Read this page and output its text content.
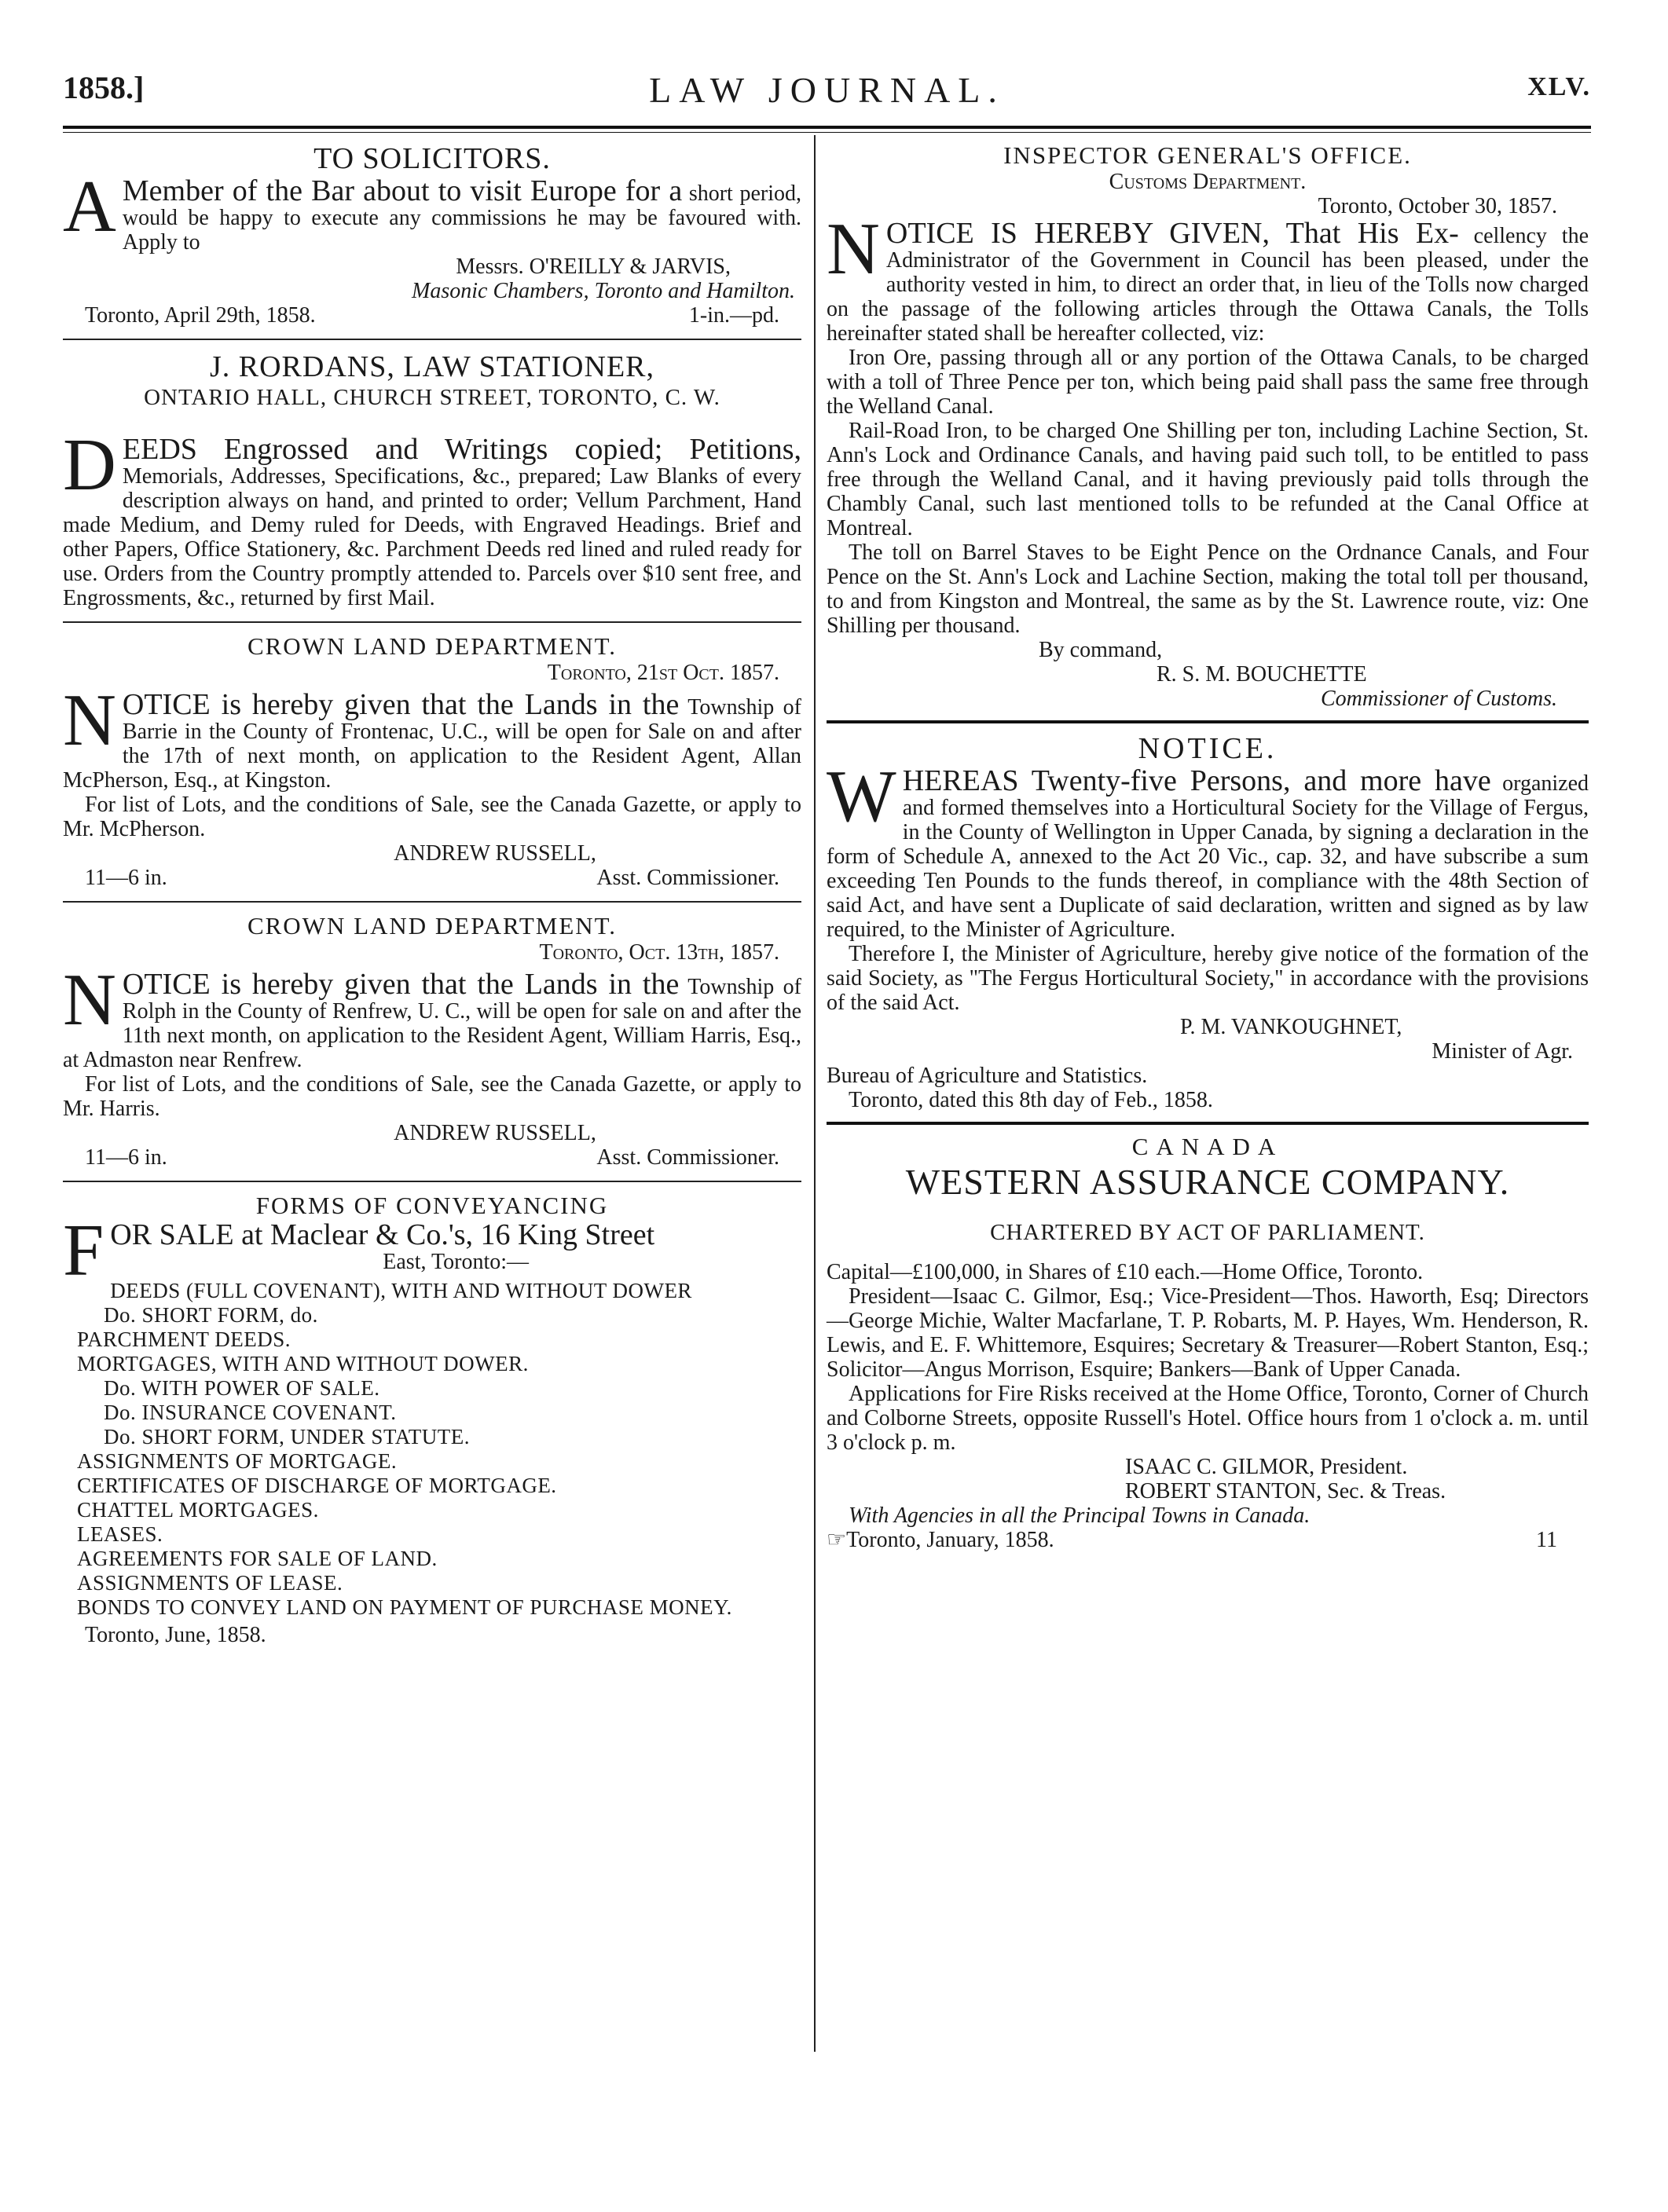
1858.]	LAW JOURNAL.	XLV.
TO SOLICITORS.

A Member of the Bar about to visit Europe for a short period, would be happy to execute any commissions he may be favoured with. Apply to

Messrs. O'REILLY & JARVIS,
Masonic Chambers, Toronto and Hamilton.
Toronto, April 29th, 1858.	1-in.—pd.
J. RORDANS, LAW STATIONER,
ONTARIO HALL, CHURCH STREET, TORONTO, C. W.

DEEDS Engrossed and Writings copied; Petitions, Memorials, Addresses, Specifications, &c., prepared; Law Blanks of every description always on hand, and printed to order; Vellum Parchment, Hand made Medium, and Demy ruled for Deeds, with Engraved Headings. Brief and other Papers, Office Stationery, &c. Parchment Deeds red lined and ruled ready for use. Orders from the Country promptly attended to. Parcels over $10 sent free, and Engrossments, &c., returned by first Mail.

CROWN LAND DEPARTMENT.
Toronto, 21st Oct. 1857.

NOTICE is hereby given that the Lands in the Township of Barrie in the County of Frontenac, U.C., will be open for Sale on and after the 17th of next month, on application to the Resident Agent, Allan McPherson, Esq., at Kingston.

For list of Lots, and the conditions of Sale, see the Canada Gazette, or apply to Mr. McPherson.

ANDREW RUSSELL,
11—6 in.	Asst. Commissioner.
CROWN LAND DEPARTMENT.
Toronto, Oct. 13th, 1857.

NOTICE is hereby given that the Lands in the Township of Rolph in the County of Renfrew, U. C., will be open for sale on and after the 11th next month, on application to the Resident Agent, William Harris, Esq., at Admaston near Renfrew.

For list of Lots, and the conditions of Sale, see the Canada Gazette, or apply to Mr. Harris.

ANDREW RUSSELL,
11—6 in.	Asst. Commissioner.
FORMS OF CONVEYANCING

FOR SALE at Maclear & Co.'s, 16 King Street

East, Toronto:—
DEEDS (FULL COVENANT), WITH AND WITHOUT DOWER
Do. SHORT FORM, do.
PARCHMENT DEEDS.
MORTGAGES, WITH AND WITHOUT DOWER.
Do. WITH POWER OF SALE.
Do. INSURANCE COVENANT.
Do. SHORT FORM, UNDER STATUTE.
ASSIGNMENTS OF MORTGAGE.
CERTIFICATES OF DISCHARGE OF MORTGAGE.
CHATTEL MORTGAGES.
LEASES.
AGREEMENTS FOR SALE OF LAND.
ASSIGNMENTS OF LEASE.
BONDS TO CONVEY LAND ON PAYMENT OF PURCHASE MONEY.
Toronto, June, 1858.
INSPECTOR GENERAL'S OFFICE.
Customs Department.
Toronto, October 30, 1857.

NOTICE IS HEREBY GIVEN, That His Ex- cellency the Administrator of the Government in Council has been pleased, under the authority vested in him, to direct an order that, in lieu of the Tolls now charged on the passage of the following articles through the Ottawa Canals, the Tolls hereinafter stated shall be hereafter collected, viz:

Iron Ore, passing through all or any portion of the Ottawa Canals, to be charged with a toll of Three Pence per ton, which being paid shall pass the same free through the Welland Canal.

Rail-Road Iron, to be charged One Shilling per ton, including Lachine Section, St. Ann's Lock and Ordinance Canals, and having paid such toll, to be entitled to pass free through the Welland Canal, and it having previously paid tolls through the Chambly Canal, such last mentioned tolls to be refunded at the Canal Office at Montreal.

The toll on Barrel Staves to be Eight Pence on the Ordnance Canals, and Four Pence on the St. Ann's Lock and Lachine Section, making the total toll per thousand, to and from Kingston and Montreal, the same as by the St. Lawrence route, viz: One Shilling per thousand.

By command,
R. S. M. BOUCHETTE
Commissioner of Customs.
NOTICE.

WHEREAS Twenty-five Persons, and more have organized and formed themselves into a Horticultural Society for the Village of Fergus, in the County of Wellington in Upper Canada, by signing a declaration in the form of Schedule A, annexed to the Act 20 Vic., cap. 32, and have subscribe a sum exceeding Ten Pounds to the funds thereof, in compliance with the 48th Section of said Act, and have sent a Duplicate of said declaration, written and signed as by law required, to the Minister of Agriculture.

Therefore I, the Minister of Agriculture, hereby give notice of the formation of the said Society, as "The Fergus Horticultural Society," in accordance with the provisions of the said Act.

P. M. VANKOUGHNET,
Minister of Agr.
Bureau of Agriculture and Statistics.
Toronto, dated this 8th day of Feb., 1858.
CANADA
WESTERN ASSURANCE COMPANY.
CHARTERED BY ACT OF PARLIAMENT.

Capital—£100,000, in Shares of £10 each.—Home Office, Toronto.

President—Isaac C. Gilmor, Esq.; Vice-President—Thos. Haworth, Esq; Directors—George Michie, Walter Macfarlane, T. P. Robarts, M. P. Hayes, Wm. Henderson, R. Lewis, and E. F. Whittemore, Esquires; Secretary & Treasurer—Robert Stanton, Esq.; Solicitor—Angus Morrison, Esquire; Bankers—Bank of Upper Canada.

Applications for Fire Risks received at the Home Office, Toronto, Corner of Church and Colborne Streets, opposite Russell's Hotel. Office hours from 1 o'clock a. m. until 3 o'clock p. m.

ISAAC C. GILMOR, President.
ROBERT STANTON, Sec. & Treas.
With Agencies in all the Principal Towns in Canada.
☞Toronto, January, 1858.	11
